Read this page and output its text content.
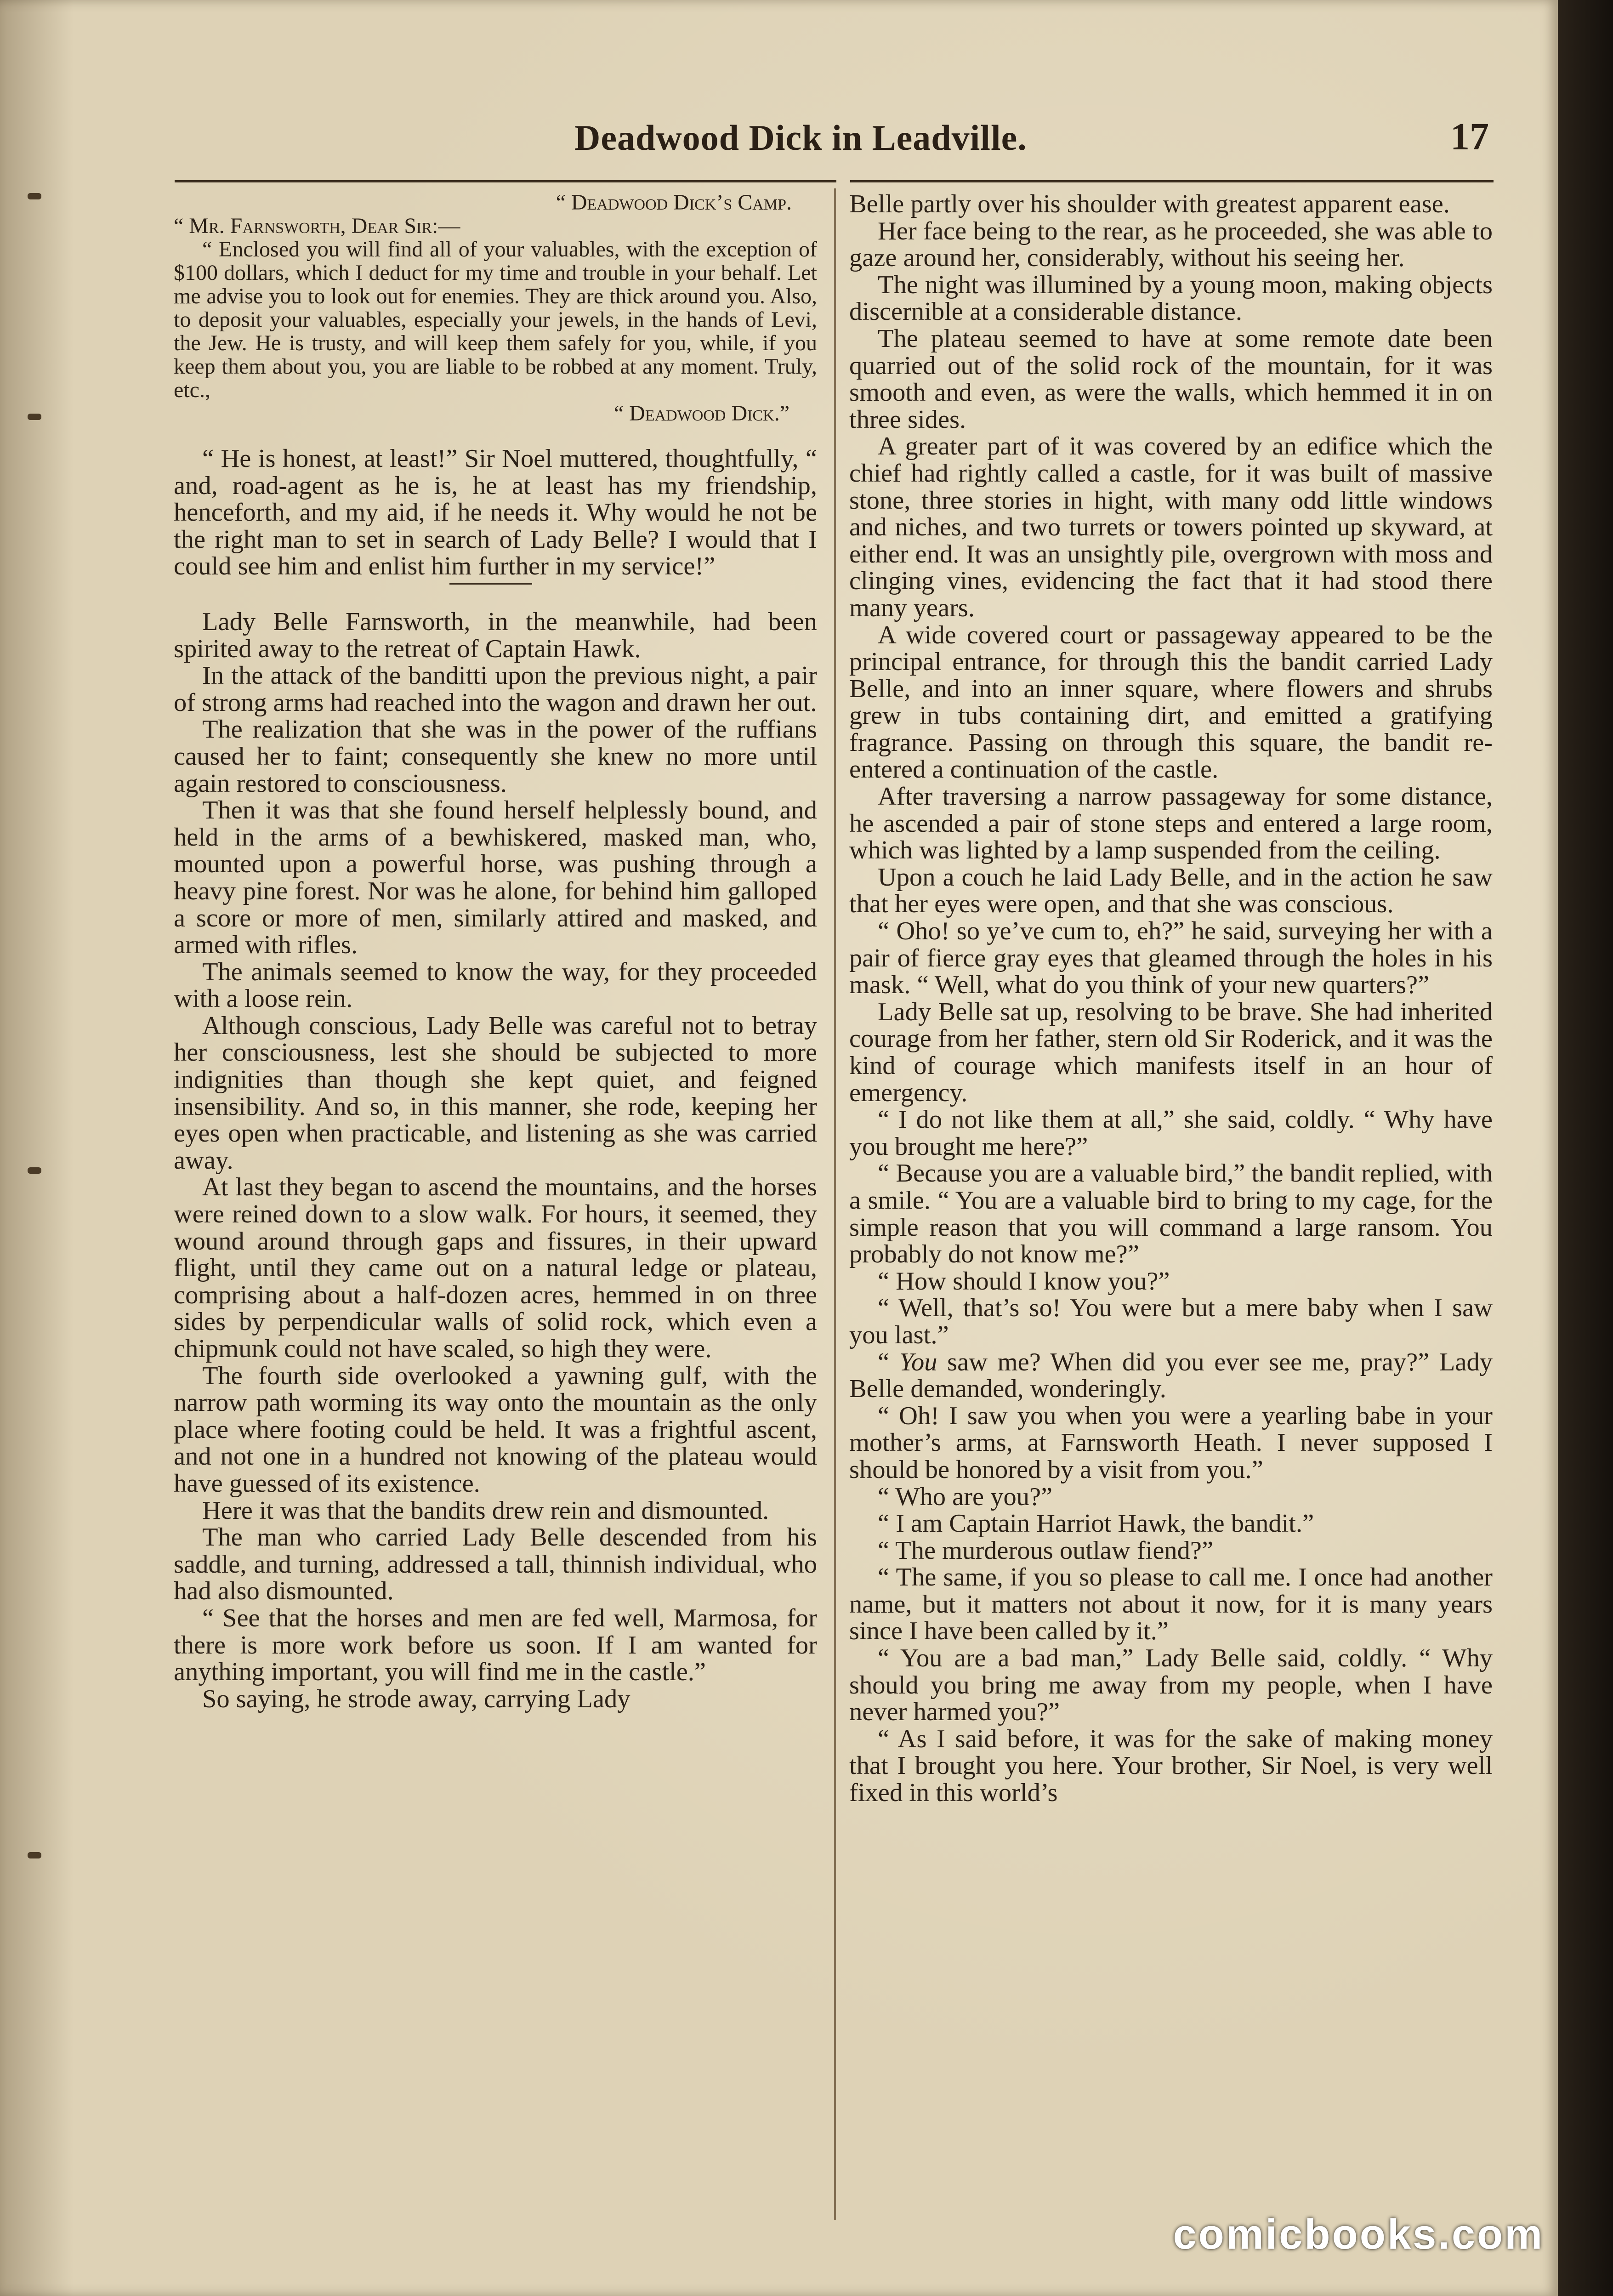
Deadwood Dick in Leadville.	17
“ Deadwood Dick’s Camp.

“ Mr. Farnsworth, Dear Sir:—

“ Enclosed you will find all of your valuables, with the exception of $100 dollars, which I deduct for my time and trouble in your behalf. Let me advise you to look out for enemies. They are thick around you. Also, to deposit your valuables, especially your jewels, in the hands of Levi, the Jew. He is trusty, and will keep them safely for you, while, if you keep them about you, you are liable to be robbed at any moment. Truly, etc.,

“ Deadwood Dick.”

“ He is honest, at least!” Sir Noel muttered, thoughtfully, “ and, road-agent as he is, he at least has my friendship, henceforth, and my aid, if he needs it. Why would he not be the right man to set in search of Lady Belle? I would that I could see him and enlist him further in my service!”

Lady Belle Farnsworth, in the meanwhile, had been spirited away to the retreat of Captain Hawk.

In the attack of the banditti upon the previous night, a pair of strong arms had reached into the wagon and drawn her out.

The realization that she was in the power of the ruffians caused her to faint; consequently she knew no more until again restored to consciousness.

Then it was that she found herself helplessly bound, and held in the arms of a bewhiskered, masked man, who, mounted upon a powerful horse, was pushing through a heavy pine forest. Nor was he alone, for behind him galloped a score or more of men, similarly attired and masked, and armed with rifles.

The animals seemed to know the way, for they proceeded with a loose rein.

Although conscious, Lady Belle was careful not to betray her consciousness, lest she should be subjected to more indignities than though she kept quiet, and feigned insensibility. And so, in this manner, she rode, keeping her eyes open when practicable, and listening as she was carried away.

At last they began to ascend the mountains, and the horses were reined down to a slow walk. For hours, it seemed, they wound around through gaps and fissures, in their upward flight, until they came out on a natural ledge or plateau, comprising about a half-dozen acres, hemmed in on three sides by perpendicular walls of solid rock, which even a chipmunk could not have scaled, so high they were.

The fourth side overlooked a yawning gulf, with the narrow path worming its way onto the mountain as the only place where footing could be held. It was a frightful ascent, and not one in a hundred not knowing of the plateau would have guessed of its existence.

Here it was that the bandits drew rein and dismounted.

The man who carried Lady Belle descended from his saddle, and turning, addressed a tall, thinnish individual, who had also dismounted.

“ See that the horses and men are fed well, Marmosa, for there is more work before us soon. If I am wanted for anything important, you will find me in the castle.”

So saying, he strode away, carrying Lady

Belle partly over his shoulder with greatest apparent ease.

Her face being to the rear, as he proceeded, she was able to gaze around her, considerably, without his seeing her.

The night was illumined by a young moon, making objects discernible at a considerable distance.

The plateau seemed to have at some remote date been quarried out of the solid rock of the mountain, for it was smooth and even, as were the walls, which hemmed it in on three sides.

A greater part of it was covered by an edifice which the chief had rightly called a castle, for it was built of massive stone, three stories in hight, with many odd little windows and niches, and two turrets or towers pointed up skyward, at either end. It was an unsightly pile, overgrown with moss and clinging vines, evidencing the fact that it had stood there many years.

A wide covered court or passageway appeared to be the principal entrance, for through this the bandit carried Lady Belle, and into an inner square, where flowers and shrubs grew in tubs containing dirt, and emitted a gratifying fragrance. Passing on through this square, the bandit re-entered a continuation of the castle.

After traversing a narrow passageway for some distance, he ascended a pair of stone steps and entered a large room, which was lighted by a lamp suspended from the ceiling.

Upon a couch he laid Lady Belle, and in the action he saw that her eyes were open, and that she was conscious.

“ Oho! so ye’ve cum to, eh?” he said, surveying her with a pair of fierce gray eyes that gleamed through the holes in his mask. “ Well, what do you think of your new quarters?”

Lady Belle sat up, resolving to be brave. She had inherited courage from her father, stern old Sir Roderick, and it was the kind of courage which manifests itself in an hour of emergency.

“ I do not like them at all,” she said, coldly. “ Why have you brought me here?”

“ Because you are a valuable bird,” the bandit replied, with a smile. “ You are a valuable bird to bring to my cage, for the simple reason that you will command a large ransom. You probably do not know me?”

“ How should I know you?”

“ Well, that’s so! You were but a mere baby when I saw you last.”

“ You saw me? When did you ever see me, pray?” Lady Belle demanded, wonderingly.

“ Oh! I saw you when you were a yearling babe in your mother’s arms, at Farnsworth Heath. I never supposed I should be honored by a visit from you.”

“ Who are you?”

“ I am Captain Harriot Hawk, the bandit.”

“ The murderous outlaw fiend?”

“ The same, if you so please to call me. I once had another name, but it matters not about it now, for it is many years since I have been called by it.”

“ You are a bad man,” Lady Belle said, coldly. “ Why should you bring me away from my people, when I have never harmed you?”

“ As I said before, it was for the sake of making money that I brought you here. Your brother, Sir Noel, is very well fixed in this world’s

comicbooks.com
